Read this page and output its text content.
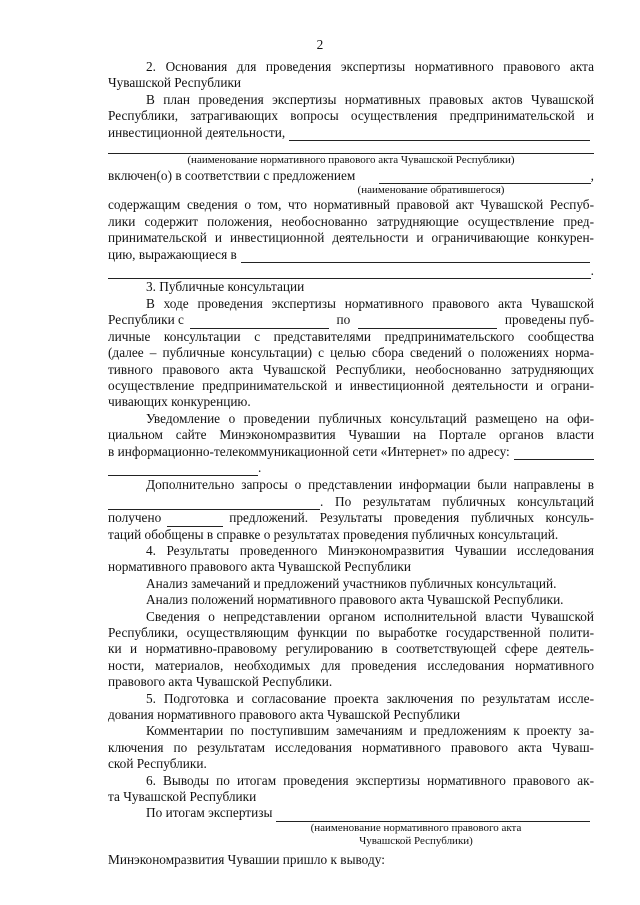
2

2. Основания для проведения экспертизы нормативного правового акта

Чувашской Республики

В план проведения экспертизы нормативных правовых актов Чувашской

Республики, затрагивающих вопросы осуществления предпринимательской и

инвестиционной деятельности,

(наименование нормативного правового акта Чувашской Республики)

включен(о) в соответствии с предложением	,

(наименование обратившегося)

содержащим сведения о том, что нормативный правовой акт Чувашской Респуб-

лики содержит положения, необоснованно затрудняющие осуществление пред-

принимательской и инвестиционной деятельности и ограничивающие конкурен-

цию, выражающиеся в
.

3. Публичные консультации

В ходе проведения экспертизы нормативного правового акта Чувашской

Республики с	по	проведены пуб-

личные консультации с представителями предпринимательского сообщества

(далее – публичные консультации) с целью сбора сведений о положениях норма-

тивного правового акта Чувашской Республики, необоснованно затрудняющих

осуществление предпринимательской и инвестиционной деятельности и ограни-

чивающих конкуренцию.

Уведомление о проведении публичных консультаций размещено на офи-

циальном сайте Минэкономразвития Чувашии на Портале органов власти

в информационно-телекоммуникационной сети «Интернет» по адресу:
.

Дополнительно запросы о представлении информации были направлены в

. По результатам публичных консультаций
получено	предложений. Результаты проведения публичных консуль-

таций обобщены в справке о результатах проведения публичных консультаций.

4. Результаты проведенного Минэкономразвития Чувашии исследования

нормативного правового акта Чувашской Республики

Анализ замечаний и предложений участников публичных консультаций.

Анализ положений нормативного правового акта Чувашской Республики.

Сведения о непредставлении органом исполнительной власти Чувашской

Республики, осуществляющим функции по выработке государственной полити-

ки и нормативно-правовому регулированию в соответствующей сфере деятель-

ности, материалов, необходимых для проведения исследования нормативного

правового акта Чувашской Республики.

5. Подготовка и согласование проекта заключения по результатам иссле-

дования нормативного правового акта Чувашской Республики

Комментарии по поступившим замечаниям и предложениям к проекту за-

ключения по результатам исследования нормативного правового акта Чуваш-

ской Республики.

6. Выводы по итогам проведения экспертизы нормативного правового ак-

та Чувашской Республики

По итогам экспертизы

(наименование нормативного правового акта

Чувашской Республики)

Минэкономразвития Чувашии пришло к выводу:
